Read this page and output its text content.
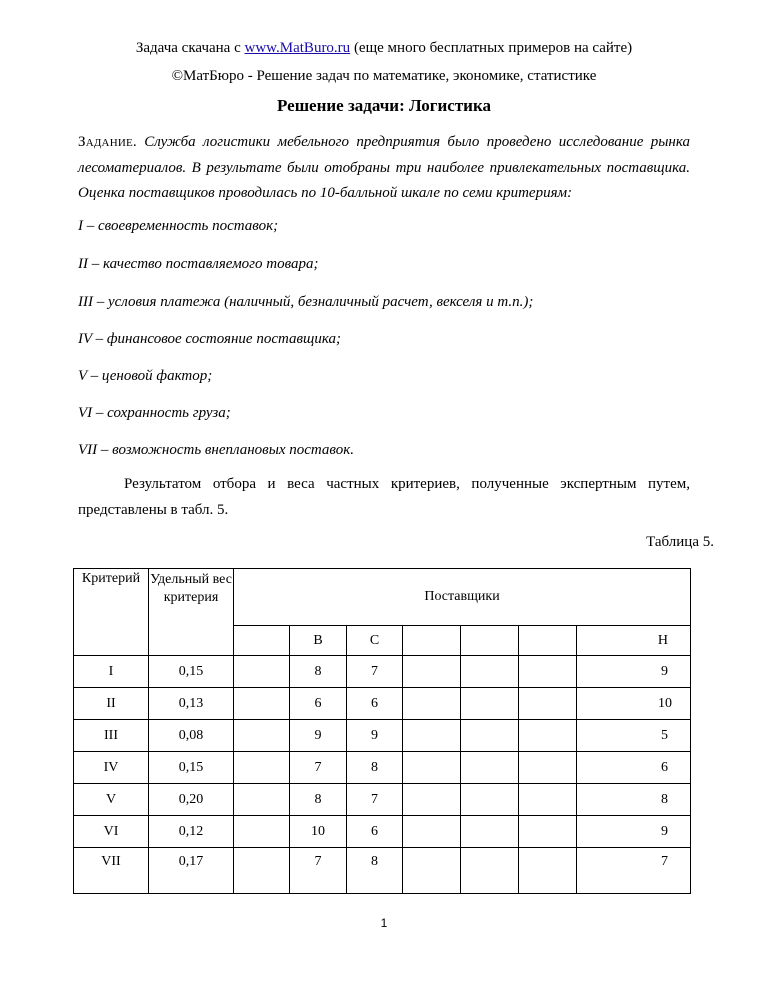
Задача скачана с www.MatBuro.ru (еще много бесплатных примеров на сайте)
©МатБюро - Решение задач по математике, экономике, статистике
Решение задачи: Логистика
Задание. Служба логистики мебельного предприятия было проведено исследование рынка лесоматериалов. В результате были отобраны три наиболее привлекательных поставщика. Оценка поставщиков проводилась по 10-балльной шкале по семи критериям:
I – своевременность поставок;
II – качество поставляемого товара;
III – условия платежа (наличный, безналичный расчет, векселя и т.п.);
IV – финансовое состояние поставщика;
V – ценовой фактор;
VI – сохранность груза;
VII – возможность внеплановых поставок.
Результатом отбора и веса частных критериев, полученные экспертным путем, представлены в табл. 5.
Таблица 5.
Критерий	Удельный вес критерия	Поставщики						

			B	C				H
I	0,15		8	7				9
II	0,13		6	6				10
III	0,08		9	9				5
IV	0,15		7	8				6
V	0,20		8	7				8
VI	0,12		10	6				9
VII	0,17		7	8				7
1
